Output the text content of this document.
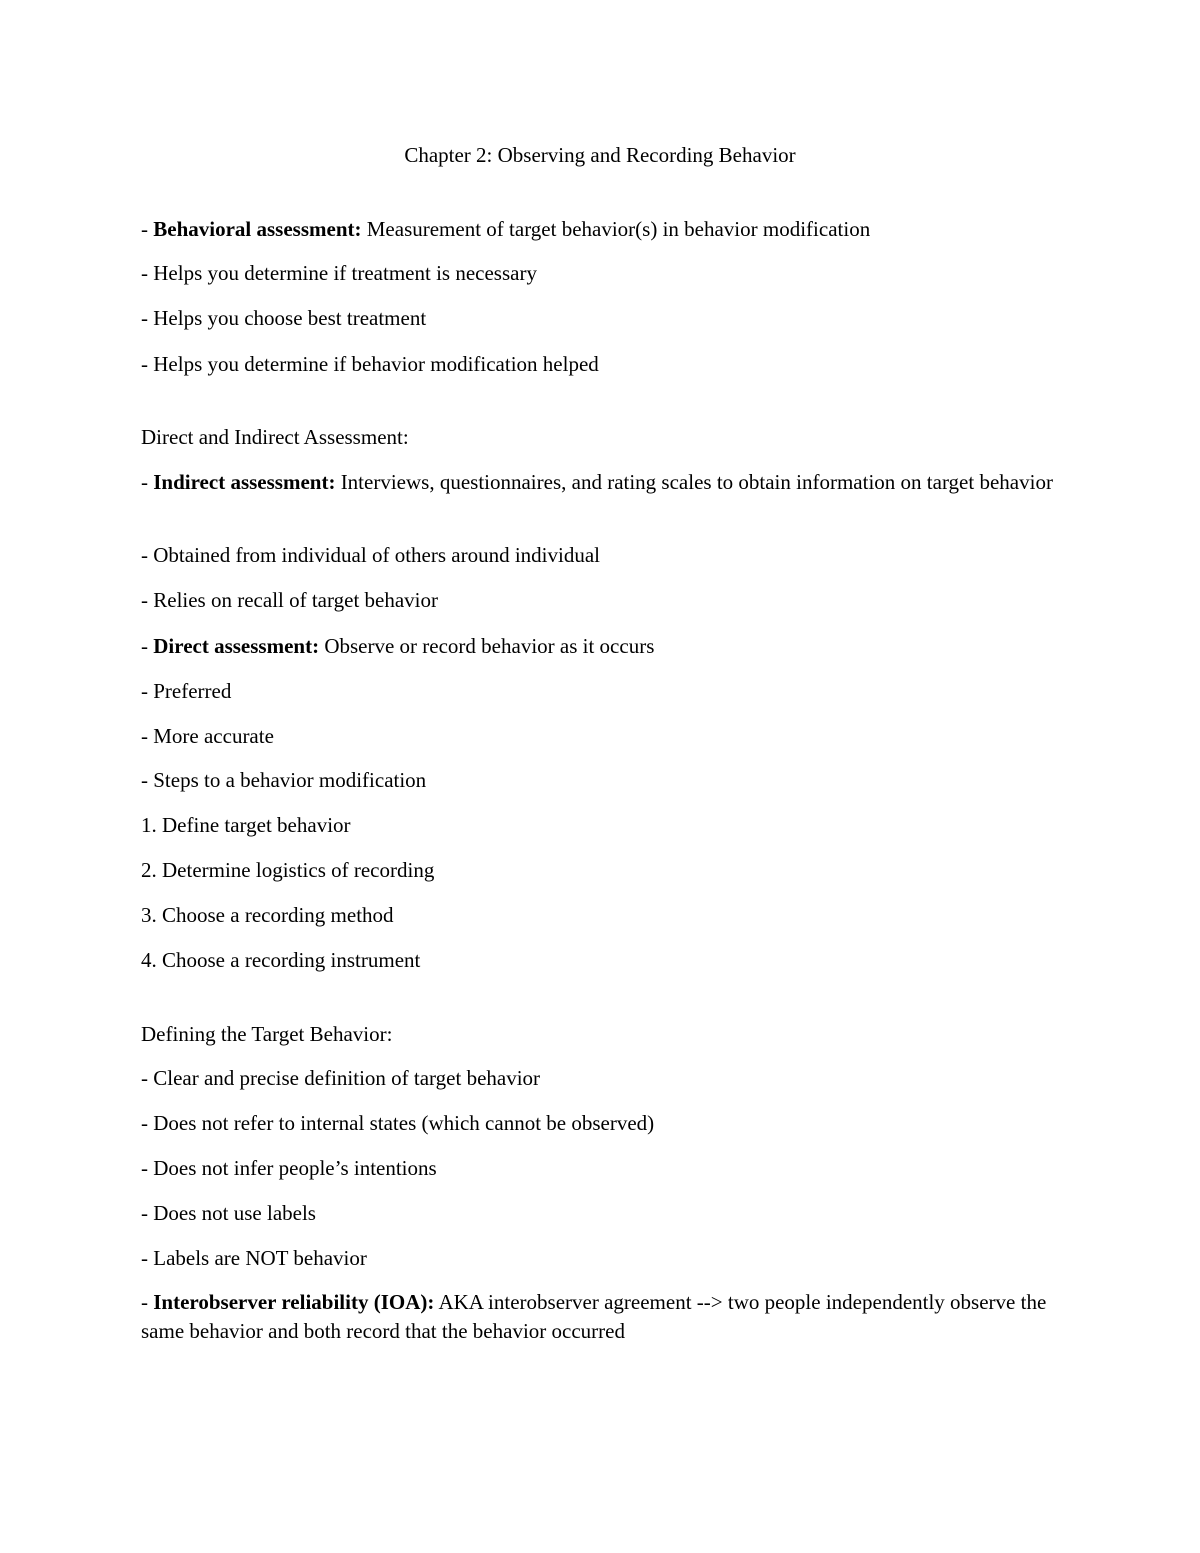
Chapter 2: Observing and Recording Behavior
- Behavioral assessment: Measurement of target behavior(s) in behavior modification
- Helps you determine if treatment is necessary
- Helps you choose best treatment
- Helps you determine if behavior modification helped
Direct and Indirect Assessment:
- Indirect assessment: Interviews, questionnaires, and rating scales to obtain information on target behavior
- Obtained from individual of others around individual
- Relies on recall of target behavior
- Direct assessment: Observe or record behavior as it occurs
- Preferred
- More accurate
- Steps to a behavior modification
1. Define target behavior
2. Determine logistics of recording
3. Choose a recording method
4. Choose a recording instrument
Defining the Target Behavior:
- Clear and precise definition of target behavior
- Does not refer to internal states (which cannot be observed)
- Does not infer people’s intentions
- Does not use labels
- Labels are NOT behavior
- Interobserver reliability (IOA): AKA interobserver agreement --> two people independently observe the same behavior and both record that the behavior occurred
